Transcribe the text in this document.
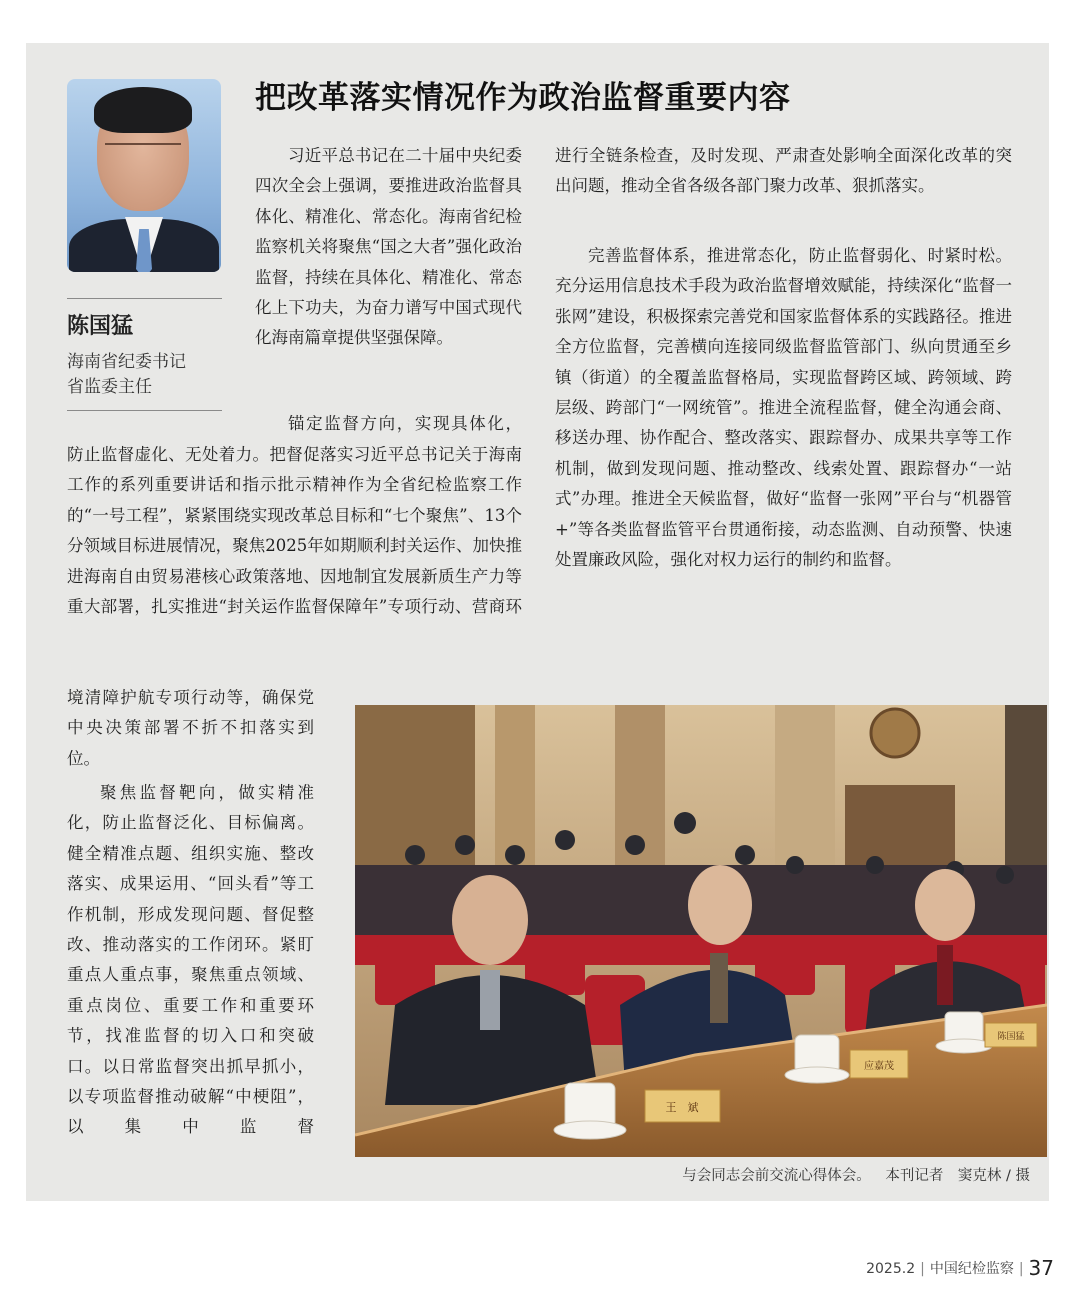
陈国猛
海南省纪委书记
省监委主任
把改革落实情况作为政治监督重要内容

习近平总书记在二十届中央纪委四次全会上强调，要推进政治监督具体化、精准化、常态化。海南省纪检监察机关将聚焦“国之大者”强化政治监督，持续在具体化、精准化、常态化上下功夫，为奋力谱写中国式现代化海南篇章提供坚强保障。

锚定监督方向，实现具体化，

防止监督虚化、无处着力。把督促落实习近平总书记关于海南工作的系列重要讲话和指示批示精神作为全省纪检监察工作的“一号工程”，紧紧围绕实现改革总目标和“七个聚焦”、13个分领域目标进展情况，聚焦2025年如期顺利封关运作、加快推进海南自由贸易港核心政策落地、因地制宜发展新质生产力等重大部署，扎实推进“封关运作监督保障年”专项行动、营商环

境清障护航专项行动等，确保党中央决策部署不折不扣落实到位。

聚焦监督靶向，做实精准化，防止监督泛化、目标偏离。健全精准点题、组织实施、整改落实、成果运用、“回头看”等工作机制，形成发现问题、督促整改、推动落实的工作闭环。紧盯重点人重点事，聚焦重点领域、重点岗位、重要工作和重要环节，找准监督的切入口和突破口。以日常监督突出抓早抓小，以专项监督推动破解“中梗阻”，以集中监督

进行全链条检查，及时发现、严肃查处影响全面深化改革的突出问题，推动全省各级各部门聚力改革、狠抓落实。

完善监督体系，推进常态化，防止监督弱化、时紧时松。充分运用信息技术手段为政治监督增效赋能，持续深化“监督一张网”建设，积极探索完善党和国家监督体系的实践路径。推进全方位监督，完善横向连接同级监督监管部门、纵向贯通至乡镇（街道）的全覆盖监督格局，实现监督跨区域、跨领域、跨层级、跨部门“一网统管”。推进全流程监督，健全沟通会商、移送办理、协作配合、整改落实、跟踪督办、成果共享等工作机制，做到发现问题、推动整改、线索处置、跟踪督办“一站式”办理。推进全天候监督，做好“监督一张网”平台与“机器管+”等各类监督监管平台贯通衔接，动态监测、自动预警、快速处置廉政风险，强化对权力运行的制约和监督。

王　斌
应嘉茂
陈国猛
与会同志会前交流心得体会。 本刊记者　窦克林 / 摄
2025.2 | 中国纪检监察 | 37
